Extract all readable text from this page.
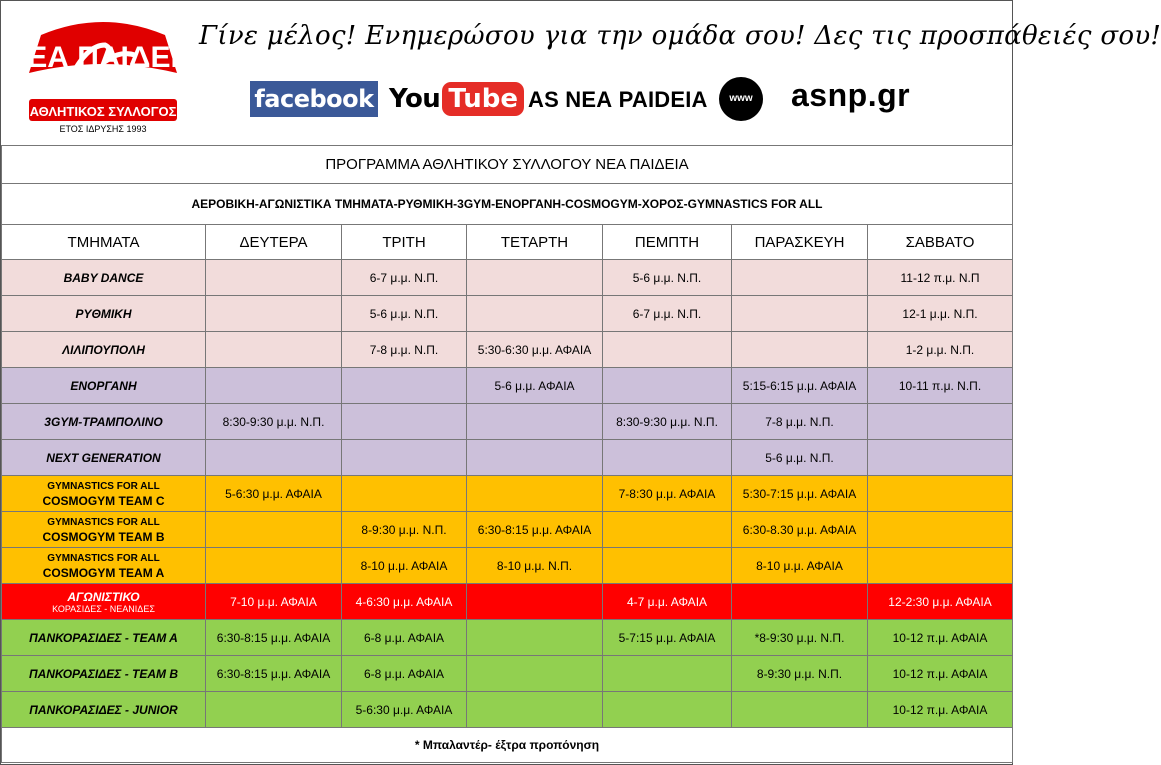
ΝΕΑ ΠΑΙΔΕΙΑ
ΑΘΛΗΤΙΚΟΣ ΣΥΛΛΟΓΟΣ
ΕΤΟΣ ΙΔΡΥΣΗΣ 1993
Γίνε μέλος! Ενημερώσου για την ομάδα σου! Δες τις προσπάθειές σου!
facebook You Tube AS ΝΕΑ PAIDEIA	www	asnp.gr
ΠΡΟΓΡΑΜΜΑ ΑΘΛΗΤΙΚΟΥ ΣΥΛΛΟΓΟΥ ΝΕΑ ΠΑΙΔΕΙΑ						
ΑΕΡΟΒΙΚΗ-ΑΓΩΝΙΣΤΙΚΑ ΤΜΗΜΑΤΑ-ΡΥΘΜΙΚΗ-3GYM-ΕΝΟΡΓΑΝΗ-COSMOGYM-ΧΟΡΟΣ-GYMNASTICS FOR ALL						
ΤΜΗΜΑΤΑ	ΔΕΥΤΕΡΑ	ΤΡΙΤΗ	ΤΕΤΑΡΤΗ	ΠΕΜΠΤΗ	ΠΑΡΑΣΚΕΥΗ	ΣΑΒΒΑΤΟ
BABY DANCE		6-7 μ.μ. Ν.Π.		5-6 μ.μ. Ν.Π.		11-12 π.μ. Ν.Π
ΡΥΘΜΙΚΗ		5-6 μ.μ. Ν.Π.		6-7 μ.μ. Ν.Π.		12-1 μ.μ. Ν.Π.
ΛΙΛΙΠΟΥΠΟΛΗ		7-8 μ.μ. Ν.Π.	5:30-6:30 μ.μ. ΑΦΑΙΑ			1-2 μ.μ. Ν.Π.
ΕΝΟΡΓΑΝΗ			5-6 μ.μ. ΑΦΑΙΑ		5:15-6:15 μ.μ. ΑΦΑΙΑ	10-11 π.μ. Ν.Π.
3GYM-ΤΡΑΜΠΟΛΙΝΟ	8:30-9:30 μ.μ. Ν.Π.			8:30-9:30 μ.μ. Ν.Π.	7-8 μ.μ. Ν.Π.	
NEXT GENERATION					5-6 μ.μ. Ν.Π.	

GYMNASTICS FOR ALL
COSMOGYM TEAM C	5-6:30 μ.μ. ΑΦΑΙΑ			7-8:30 μ.μ. ΑΦΑΙΑ	5:30-7:15 μ.μ. ΑΦΑΙΑ	

GYMNASTICS FOR ALL
COSMOGYM TEAM B		8-9:30 μ.μ. Ν.Π.	6:30-8:15 μ.μ. ΑΦΑΙΑ		6:30-8.30 μ.μ. ΑΦΑΙΑ	

GYMNASTICS FOR ALL
COSMOGYM TEAM A		8-10 μ.μ. ΑΦΑΙΑ	8-10 μ.μ. Ν.Π.		8-10 μ.μ. ΑΦΑΙΑ	

ΑΓΩΝΙΣΤΙΚΟ
ΚΟΡΑΣΙΔΕΣ - ΝΕΑΝΙΔΕΣ	7-10 μ.μ. ΑΦΑΙΑ	4-6:30 μ.μ. ΑΦΑΙΑ		4-7 μ.μ. ΑΦΑΙΑ		12-2:30 μ.μ. ΑΦΑΙΑ
ΠΑΝΚΟΡΑΣΙΔΕΣ - TEAM A	6:30-8:15 μ.μ. ΑΦΑΙΑ	6-8 μ.μ. ΑΦΑΙΑ		5-7:15 μ.μ. ΑΦΑΙΑ	*8-9:30 μ.μ. Ν.Π.	10-12 π.μ. ΑΦΑΙΑ
ΠΑΝΚΟΡΑΣΙΔΕΣ - TEAM B	6:30-8:15 μ.μ. ΑΦΑΙΑ	6-8 μ.μ. ΑΦΑΙΑ			8-9:30 μ.μ. Ν.Π.	10-12 π.μ. ΑΦΑΙΑ
ΠΑΝΚΟΡΑΣΙΔΕΣ - JUNIOR		5-6:30 μ.μ. ΑΦΑΙΑ				10-12 π.μ. ΑΦΑΙΑ
* Μπαλαντέρ- έξτρα προπόνηση						
